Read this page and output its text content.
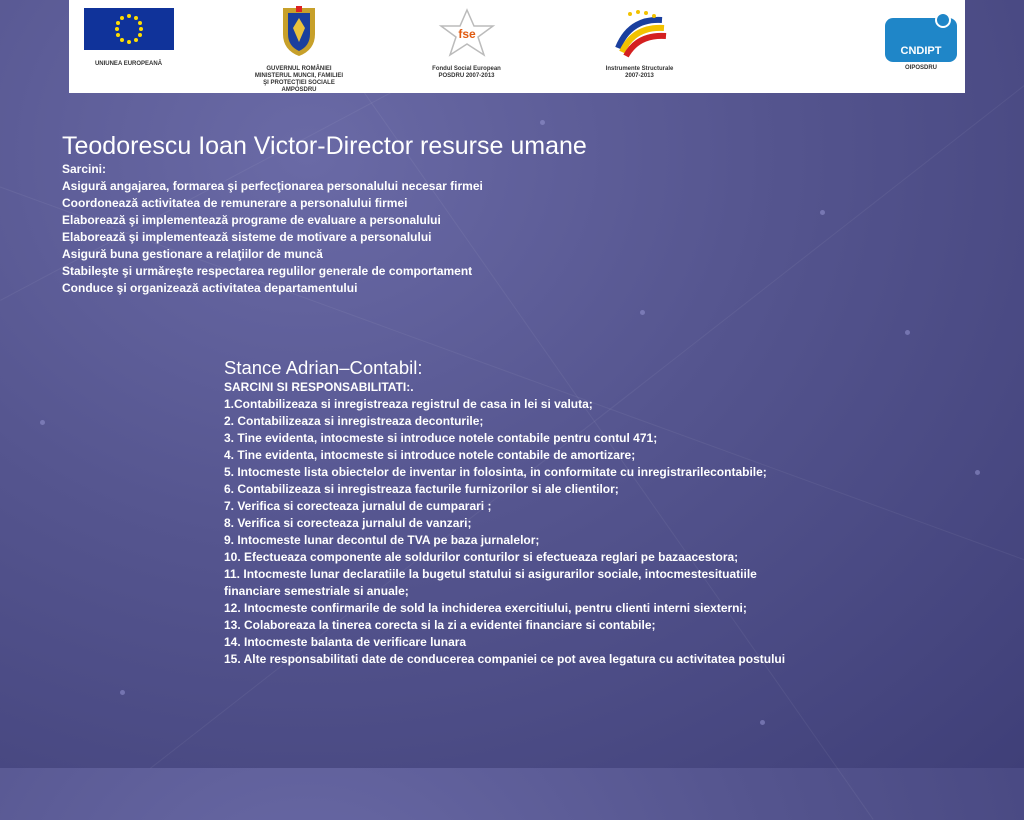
UNIUNEA EUROPEANĂ
GUVERNUL ROMÂNIEI
MINISTERUL MUNCII, FAMILIEI
ŞI PROTECŢIEI SOCIALE
AMPOSDRU
fse
Fondul Social European
POSDRU 2007-2013
Instrumente Structurale
2007-2013
CNDIPT
OIPOSDRU
Teodorescu Ioan Victor-Director resurse umane
Sarcini:
Asigură angajarea, formarea şi perfecţionarea personalului necesar firmei
Coordonează activitatea de remunerare a personalului firmei
Elaborează şi implementează programe de evaluare a personalului
Elaborează şi implementează sisteme de motivare a personalului
Asigură buna gestionare a relaţiilor de muncă
Stabileşte şi urmăreşte respectarea regulilor generale de comportament
Conduce şi organizează activitatea departamentului
Stance Adrian–Contabil:
SARCINI SI RESPONSABILITATI:.
1.Contabilizeaza si inregistreaza registrul de casa in lei si valuta;
2. Contabilizeaza si inregistreaza deconturile;
3. Tine evidenta, intocmeste si introduce notele contabile pentru contul 471;
4. Tine evidenta, intocmeste si introduce notele contabile de amortizare;
5. Intocmeste lista obiectelor de inventar in folosinta, in conformitate cu inregistrarilecontabile;
6. Contabilizeaza si inregistreaza facturile furnizorilor si ale clientilor;
7. Verifica si corecteaza jurnalul de cumparari ;
8. Verifica si corecteaza jurnalul de vanzari;
9. Intocmeste lunar decontul de TVA pe baza jurnalelor;
10. Efectueaza componente ale soldurilor conturilor si efectueaza reglari pe bazaacestora;
11. Intocmeste lunar declaratiile la bugetul statului si asigurarilor sociale, intocmestesituatiile
financiare semestriale si anuale;
12. Intocmeste confirmarile de sold la inchiderea exercitiului, pentru clienti interni siexterni;
13. Colaboreaza la tinerea corecta si la zi a evidentei financiare si contabile;
14. Intocmeste balanta de verificare lunara
15. Alte responsabilitati date de conducerea companiei ce pot avea legatura cu activitatea postului
